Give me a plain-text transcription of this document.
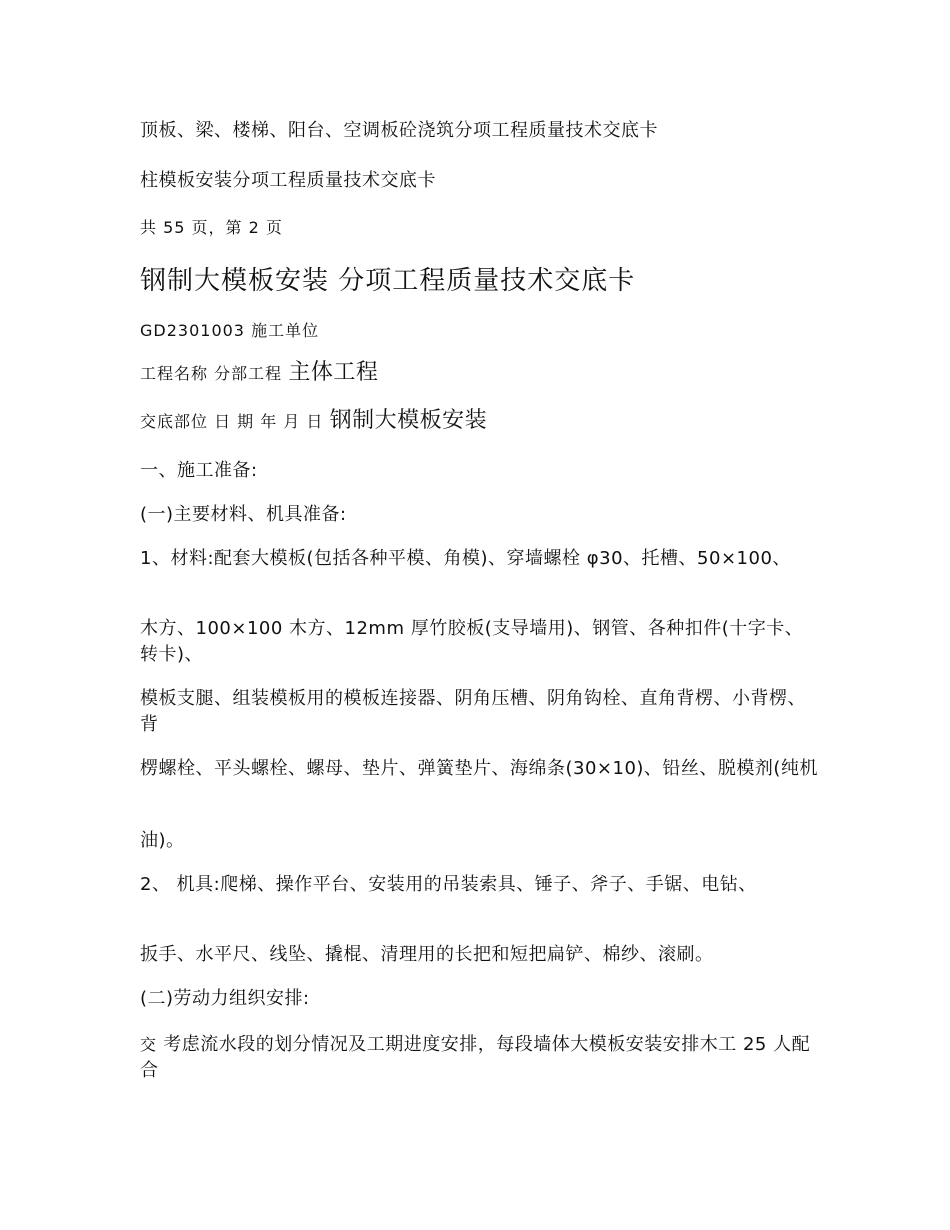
顶板、梁、楼梯、阳台、空调板砼浇筑分项工程质量技术交底卡
柱模板安装分项工程质量技术交底卡
共 55 页，第 2 页
钢制大模板安装 分项工程质量技术交底卡
GD2301003 施工单位
工程名称 分部工程 主体工程
交底部位 日 期 年 月 日 钢制大模板安装
一、施工准备:
(一)主要材料、机具准备:
1、材料:配套大模板(包括各种平模、角模)、穿墙螺栓 φ30、托槽、50×100、
木方、100×100 木方、12mm 厚竹胶板(支导墙用)、钢管、各种扣件(十字卡、转卡)、
模板支腿、组装模板用的模板连接器、阴角压槽、阴角钩栓、直角背楞、小背楞、背
楞螺栓、平头螺栓、螺母、垫片、弹簧垫片、海绵条(30×10)、铅丝、脱模剂(纯机
油)。
2、 机具:爬梯、操作平台、安装用的吊装索具、锤子、斧子、手锯、电钻、
扳手、水平尺、线坠、撬棍、清理用的长把和短把扁铲、棉纱、滚刷。
(二)劳动力组织安排:
交 考虑流水段的划分情况及工期进度安排，每段墙体大模板安装安排木工 25 人配合
